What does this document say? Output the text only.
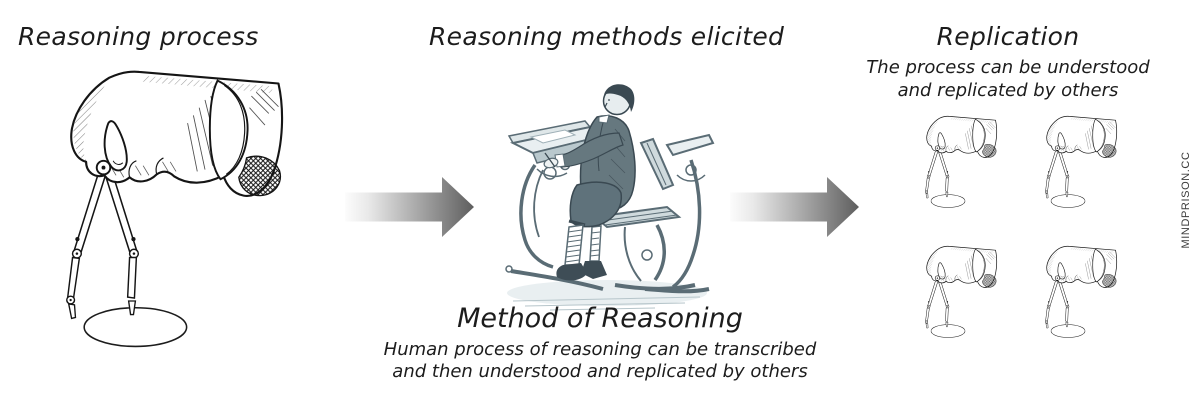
Reasoning process	Reasoning methods elicited	Replication
The process can be understood
and replicated by others
Method of Reasoning
Human process of reasoning can be transcribed
and then understood and replicated by others
MINDPRISON.CC
